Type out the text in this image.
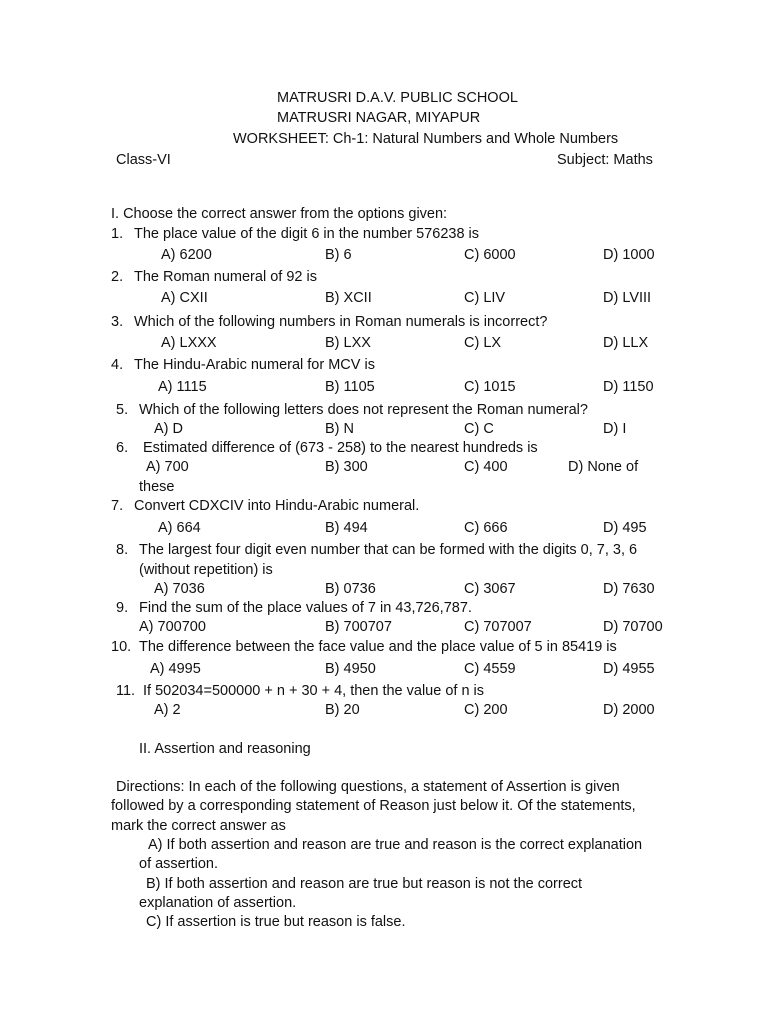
MATRUSRI D.A.V. PUBLIC SCHOOL
MATRUSRI NAGAR, MIYAPUR
WORKSHEET: Ch-1: Natural Numbers and Whole Numbers
Class-VI	Subject: Maths
I. Choose the correct answer from the options given:
1. The place value of the digit 6 in the number 576238 is
A) 6200	B) 6	C) 6000	D) 1000
2. The Roman numeral of 92 is
A) CXII	B) XCII	C) LIV	D) LVIII
3. Which of the following numbers in Roman numerals is incorrect?
A) LXXX	B) LXX	C) LX	D) LLX
4. The Hindu-Arabic numeral for MCV is
A) 1115	B) 1105	C) 1015	D) 1150
5. Which of the following letters does not represent the Roman numeral?
A) D	B) N	C) C	D) I
6. Estimated difference of (673 - 258) to the nearest hundreds is
A) 700	B) 300	C) 400	D) None of
these
7. Convert CDXCIV into Hindu-Arabic numeral.
A) 664	B) 494	C) 666	D) 495
8. The largest four digit even number that can be formed with the digits 0, 7, 3, 6
(without repetition) is
A) 7036	B) 0736	C) 3067	D) 7630
9. Find the sum of the place values of 7 in 43,726,787.
A) 700700	B) 700707	C) 707007	D) 70700
10. The difference between the face value and the place value of 5 in 85419 is
A) 4995	B) 4950	C) 4559	D) 4955
11. If 502034=500000 + n + 30 + 4, then the value of n is
A) 2	B) 20	C) 200	D) 2000
II. Assertion and reasoning
Directions: In each of the following questions, a statement of Assertion is given
followed by a corresponding statement of Reason just below it. Of the statements,
mark the correct answer as
A) If both assertion and reason are true and reason is the correct explanation
of assertion.
B) If both assertion and reason are true but reason is not the correct
explanation of assertion.
C) If assertion is true but reason is false.
